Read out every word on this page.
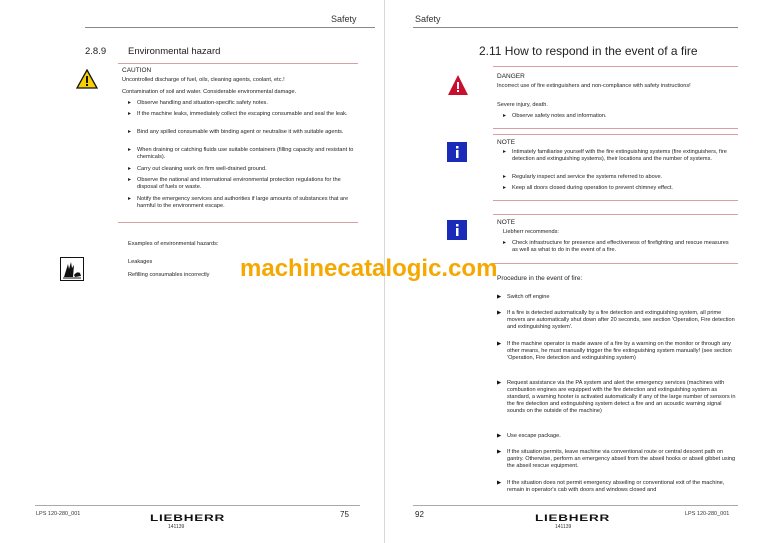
Safety
2.8.9 Environmental hazard
CAUTION
Uncontrolled discharge of fuel, oils, cleaning agents, coolant, etc.!
Contamination of soil and water. Considerable environmental damage.
▸ Observe handling and situation-specific safety notes.
▸ If the machine leaks, immediately collect the escaping consumable and seal the leak.
▸ Bind any spilled consumable with binding agent or neutralise it with suitable agents.
▸ When draining or catching fluids use suitable containers (filling capacity and resistant to chemicals).
▸ Carry out cleaning work on firm well-drained ground.
▸ Observe the national and international environmental protection regulations for the disposal of fuels or waste.
▸ Notify the emergency services and authorities if large amounts of substances that are harmful to the environment escape.
Examples of environmental hazards:
Leakages
Refilling consumables incorrectly
LPS 120-280_001	LIEBHERR
141139
75
Safety
2.11 How to respond in the event of a fire
DANGER
Incorrect use of fire extinguishers and non-compliance with safety instructions!
Severe injury, death.
▸ Observe safety notes and information.
NOTE
▸ Intimately familiarise yourself with the fire extinguishing systems (fire extinguishers, fire detection and extinguishing systems), their locations and the number of systems.
▸ Regularly inspect and service the systems referred to above.
▸ Keep all doors closed during operation to prevent chimney effect.
NOTE
Liebherr recommends:
▸ Check infrastructure for presence and effectiveness of firefighting and rescue measures as well as what to do in the event of a fire.
Procedure in the event of fire:
▶ Switch off engine
▶ If a fire is detected automatically by a fire detection and extinguishing system, all prime movers are automatically shut down after 20 seconds, see section 'Operation, Fire detection and extinguishing system'.
▶ If the machine operator is made aware of a fire by a warning on the monitor or through any other means, he must manually trigger the fire extinguishing system manually! (see section 'Operation, Fire detection and extinguishing system)
▶ Request assistance via the PA system and alert the emergency services (machines with combustion engines are equipped with the fire detection and extinguishing system as standard, a warning hooter is activated automatically if any of the large number of sensors in the fire detection and extinguishing system detect a fire and an acoustic warning signal sounds on the outside of the machine)
▶ Use escape package.
▶ If the situation permits, leave machine via conventional route or central descent path on gantry. Otherwise, perform an emergency abseil from the abseil hooks or abseil gibbet using the abseil rescue equipment.
▶ If the situation does not permit emergency abseiling or conventional exit of the machine, remain in operator's cab with doors and windows closed and
92	LIEBHERR
141139
LPS 120-280_001
machinecatalogic.com
